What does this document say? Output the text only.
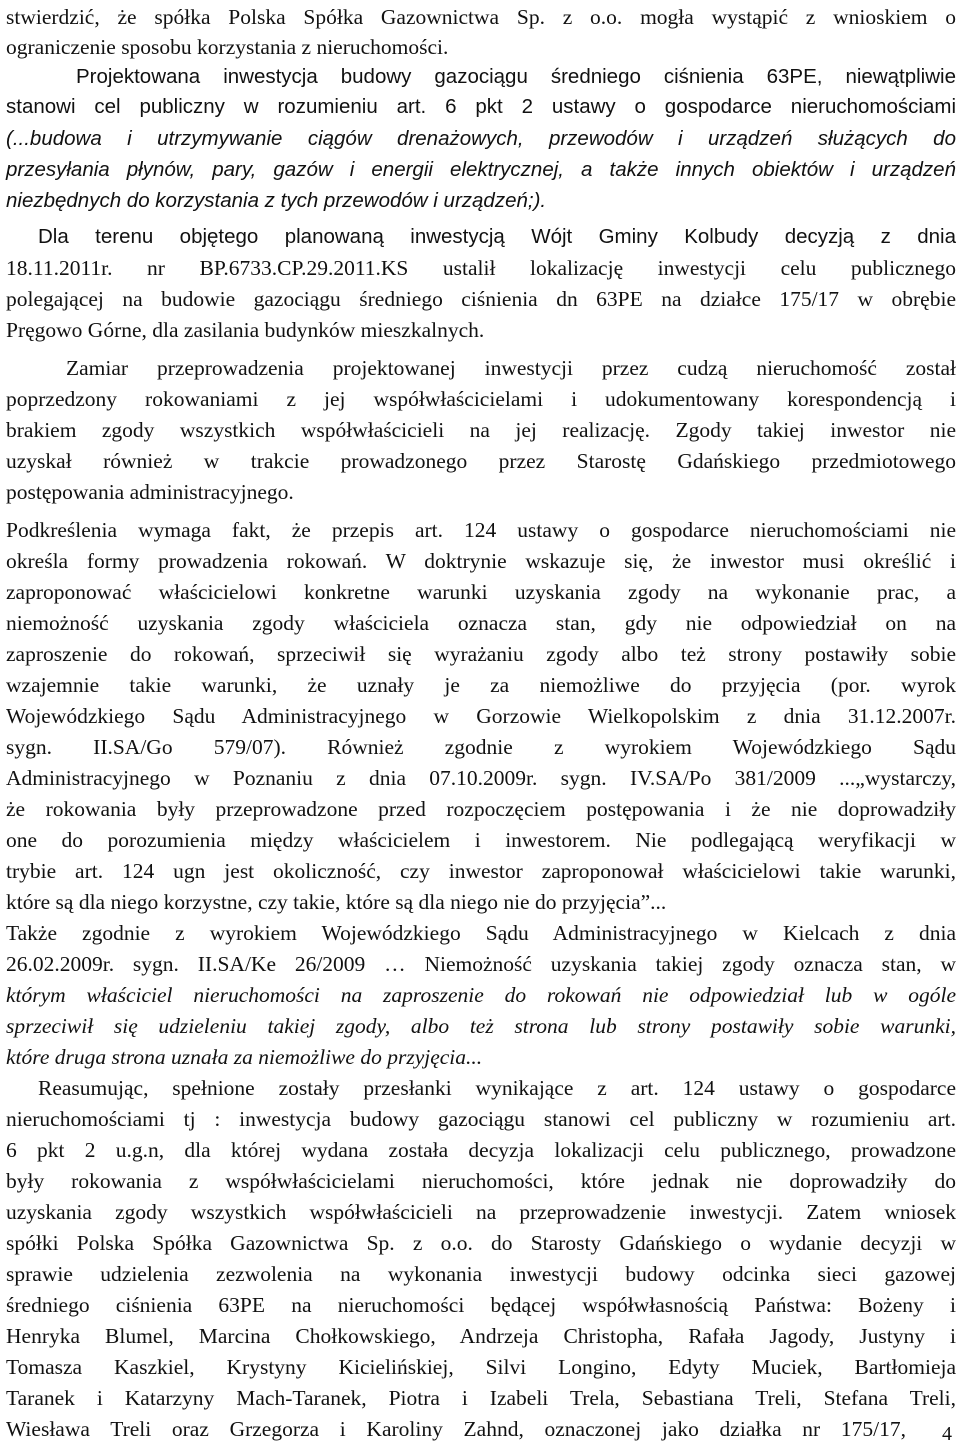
stwierdzić, że spółka Polska Spółka Gazownictwa Sp. z o.o. mogła wystąpić z wnioskiem o
ograniczenie sposobu korzystania z nieruchomości.
Projektowana inwestycja budowy gazociągu średniego ciśnienia 63PE, niewątpliwie
stanowi cel publiczny w rozumieniu art. 6 pkt 2 ustawy o gospodarce nieruchomościami
(...budowa i utrzymywanie ciągów drenażowych, przewodów i urządzeń służących do
przesyłania płynów, pary, gazów i energii elektrycznej, a także innych obiektów i urządzeń
niezbędnych do korzystania z tych przewodów i urządzeń;).
Dla terenu objętego planowaną inwestycją Wójt Gminy Kolbudy decyzją z dnia
18.11.2011r. nr BP.6733.CP.29.2011.KS ustalił lokalizację inwestycji celu publicznego
polegającej na budowie gazociągu średniego ciśnienia dn 63PE na działce 175/17 w obrębie
Pręgowo Górne, dla zasilania budynków mieszkalnych.
Zamiar przeprowadzenia projektowanej inwestycji przez cudzą nieruchomość został
poprzedzony rokowaniami z jej współwłaścicielami i udokumentowany korespondencją i
brakiem zgody wszystkich współwłaścicieli na jej realizację. Zgody takiej inwestor nie
uzyskał również w trakcie prowadzonego przez Starostę Gdańskiego przedmiotowego
postępowania administracyjnego.
Podkreślenia wymaga fakt, że przepis art. 124 ustawy o gospodarce nieruchomościami nie
określa formy prowadzenia rokowań. W doktrynie wskazuje się, że inwestor musi określić i
zaproponować właścicielowi konkretne warunki uzyskania zgody na wykonanie prac, a
niemożność uzyskania zgody właściciela oznacza stan, gdy nie odpowiedział on na
zaproszenie do rokowań, sprzeciwił się wyrażaniu zgody albo też strony postawiły sobie
wzajemnie takie warunki, że uznały je za niemożliwe do przyjęcia (por. wyrok
Wojewódzkiego Sądu Administracyjnego w Gorzowie Wielkopolskim z dnia 31.12.2007r.
sygn. II.SA/Go 579/07). Również zgodnie z wyrokiem Wojewódzkiego Sądu
Administracyjnego w Poznaniu z dnia 07.10.2009r. sygn. IV.SA/Po 381/2009 ...„wystarczy,
że rokowania były przeprowadzone przed rozpoczęciem postępowania i że nie doprowadziły
one do porozumienia między właścicielem i inwestorem. Nie podlegającą weryfikacji w
trybie art. 124 ugn jest okoliczność, czy inwestor zaproponował właścicielowi takie warunki,
które są dla niego korzystne, czy takie, które są dla niego nie do przyjęcia”...
Także zgodnie z wyrokiem Wojewódzkiego Sądu Administracyjnego w Kielcach z dnia
26.02.2009r. sygn. II.SA/Ke 26/2009 … Niemożność uzyskania takiej zgody oznacza stan, w
którym właściciel nieruchomości na zaproszenie do rokowań nie odpowiedział lub w ogóle
sprzeciwił się udzieleniu takiej zgody, albo też strona lub strony postawiły sobie warunki,
które druga strona uznała za niemożliwe do przyjęcia...
Reasumując, spełnione zostały przesłanki wynikające z art. 124 ustawy o gospodarce
nieruchomościami tj : inwestycja budowy gazociągu stanowi cel publiczny w rozumieniu art.
6 pkt 2 u.g.n, dla której wydana została decyzja lokalizacji celu publicznego, prowadzone
były rokowania z współwłaścicielami nieruchomości, które jednak nie doprowadziły do
uzyskania zgody wszystkich współwłaścicieli na przeprowadzenie inwestycji. Zatem wniosek
spółki Polska Spółka Gazownictwa Sp. z o.o. do Starosty Gdańskiego o wydanie decyzji w
sprawie udzielenia zezwolenia na wykonania inwestycji budowy odcinka sieci gazowej
średniego ciśnienia 63PE na nieruchomości będącej współwłasnością Państwa: Bożeny i
Henryka Blumel, Marcina Chołkowskiego, Andrzeja Christopha, Rafała Jagody, Justyny i
Tomasza Kaszkiel, Krystyny Kicielińskiej, Silvi Longino, Edyty Muciek, Bartłomieja
Taranek i Katarzyny Mach-Taranek, Piotra i Izabeli Trela, Sebastiana Treli, Stefana Treli,
Wiesława Treli oraz Grzegorza i Karoliny Zahnd, oznaczonej jako działka nr 175/17, 4
